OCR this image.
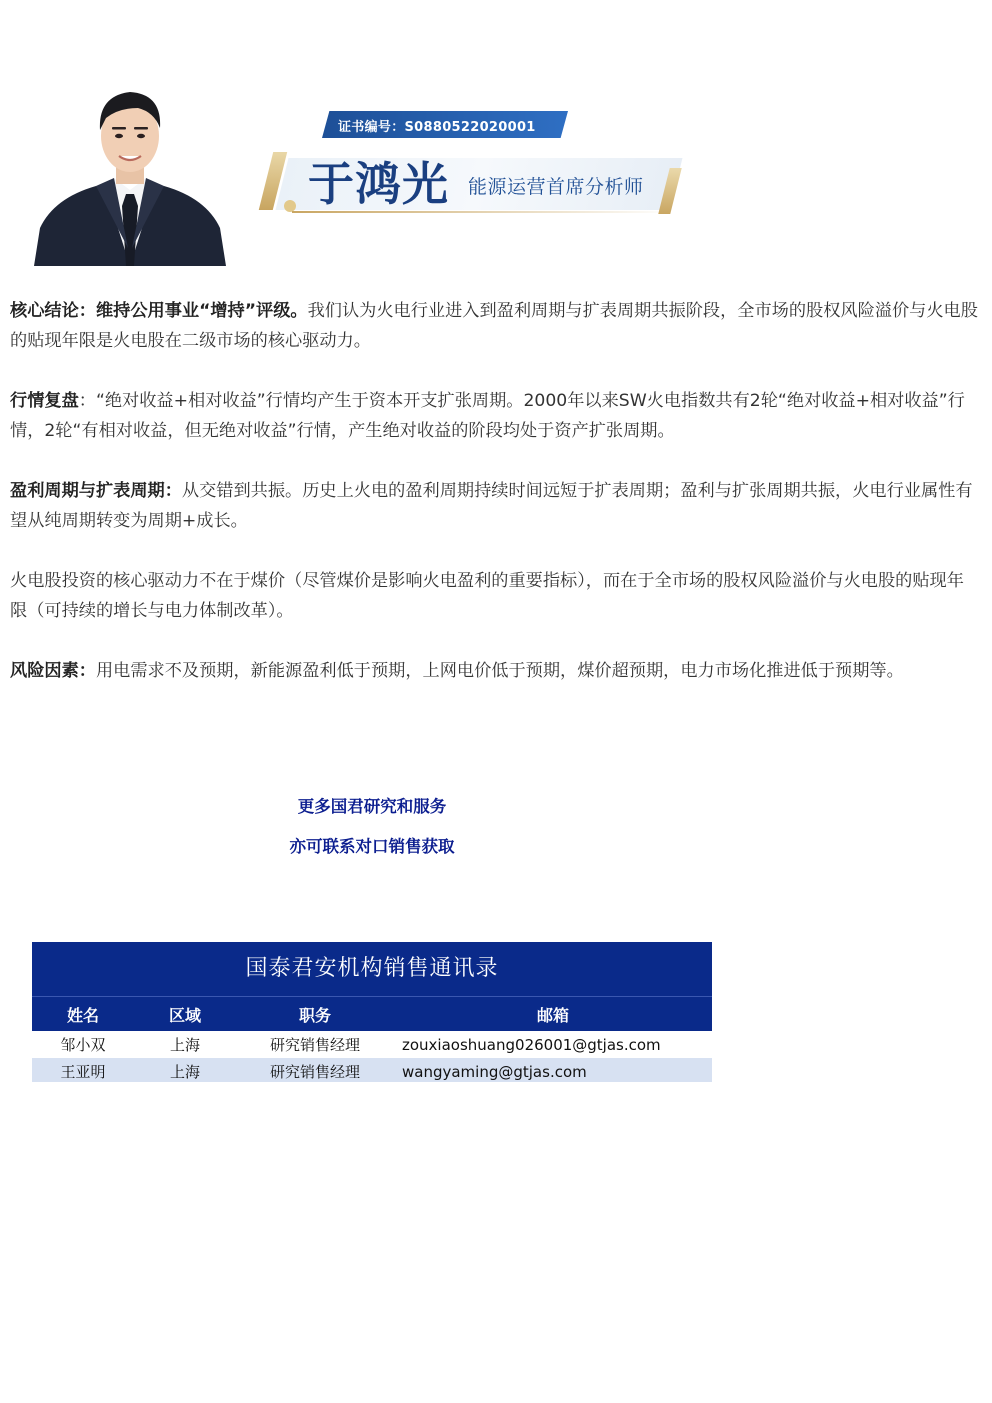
证书编号：S0880522020001
于鸿光 能源运营首席分析师

核心结论：维持公用事业“增持”评级。我们认为火电行业进入到盈利周期与扩表周期共振阶段，全市场的股权风险溢价与火电股的贴现年限是火电股在二级市场的核心驱动力。

行情复盘：“绝对收益+相对收益”行情均产生于资本开支扩张周期。2000年以来SW火电指数共有2轮“绝对收益+相对收益”行情，2轮“有相对收益，但无绝对收益”行情，产生绝对收益的阶段均处于资产扩张周期。

盈利周期与扩表周期：从交错到共振。历史上火电的盈利周期持续时间远短于扩表周期；盈利与扩张周期共振，火电行业属性有望从纯周期转变为周期+成长。

火电股投资的核心驱动力不在于煤价（尽管煤价是影响火电盈利的重要指标），而在于全市场的股权风险溢价与火电股的贴现年限（可持续的增长与电力体制改革）。

风险因素：用电需求不及预期，新能源盈利低于预期，上网电价低于预期，煤价超预期，电力市场化推进低于预期等。

更多国君研究和服务
亦可联系对口销售获取
国泰君安机构销售通讯录
姓名	区域	职务	邮箱
邹小双	上海	研究销售经理	zouxiaoshuang026001@gtjas.com
王亚明	上海	研究销售经理	wangyaming@gtjas.com
